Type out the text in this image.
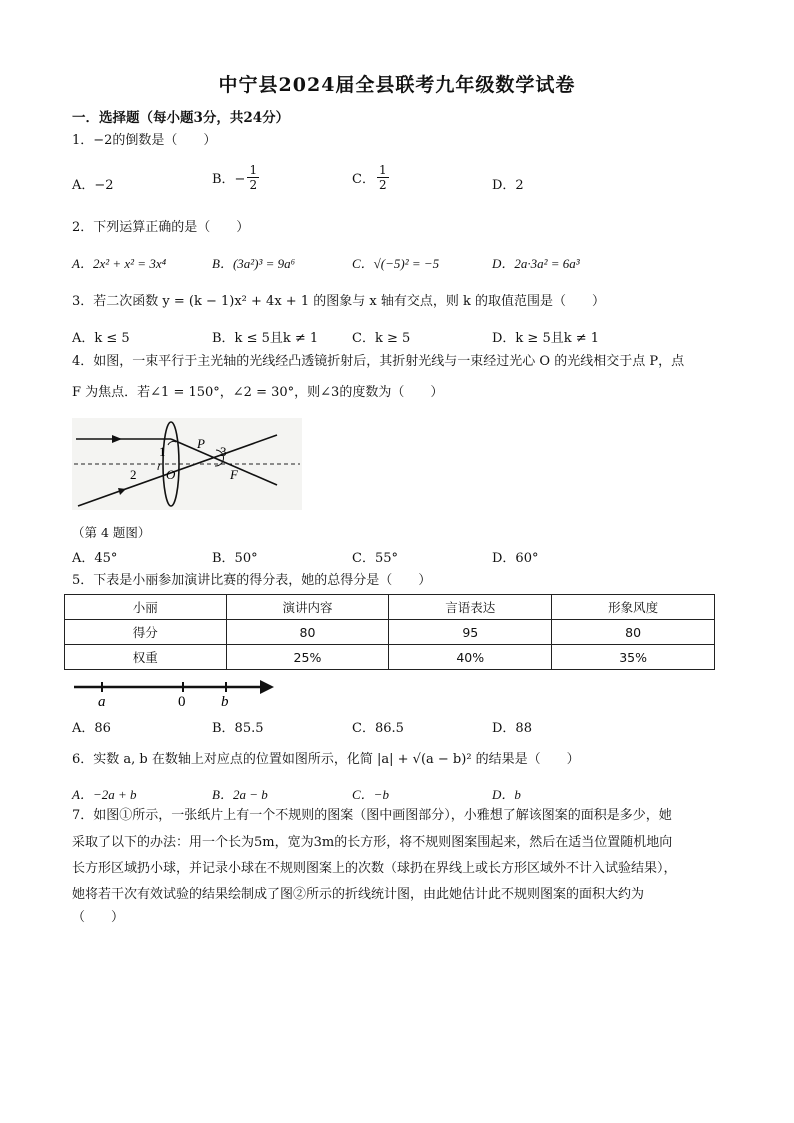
中宁县2024届全县联考九年级数学试卷
一．选择题（每小题3分，共24分）
1．−2的倒数是（　　）
A．−2	B．− $\frac{1}{2}$	C． $\frac{1}{2}$	D．2
2．下列运算正确的是（　　）
A．2x² + x² = 3x⁴	B．(3a²)³ = 9a⁶	C．√(−5)² = −5	D．2a·3a² = 6a³
3．若二次函数 y = (k − 1)x² + 4x + 1 的图象与 x 轴有交点，则 k 的取值范围是（　　）
A．k ≤ 5	B．k ≤ 5且k ≠ 1	C．k ≥ 5	D．k ≥ 5且k ≠ 1
4．如图，一束平行于主光轴的光线经凸透镜折射后，其折射光线与一束经过光心 O 的光线相交于点 P，点
F 为焦点．若∠1 = 150°，∠2 = 30°，则∠3的度数为（　　）
1
2
P
3
O	F
（第 4 题图）
A．45°	B．50°	C．55°	D．60°
5．下表是小丽参加演讲比赛的得分表，她的总得分是（　　）
小丽	演讲内容	言语表达	形象风度
得分	80	95	80
权重	25%	40%	35%
a	0 b
A．86	B．85.5	C．86.5	D．88
6．实数 a, b 在数轴上对应点的位置如图所示，化简 |a| + √(a − b)² 的结果是（　　）
A．−2a + b	B．2a − b	C．−b	D．b
7．如图①所示，一张纸片上有一个不规则的图案（图中画图部分），小雅想了解该图案的面积是多少，她
采取了以下的办法：用一个长为5m，宽为3m的长方形，将不规则图案围起来，然后在适当位置随机地向
长方形区域扔小球，并记录小球在不规则图案上的次数（球扔在界线上或长方形区域外不计入试验结果），
她将若干次有效试验的结果绘制成了图②所示的折线统计图，由此她估计此不规则图案的面积大约为
（　　）
